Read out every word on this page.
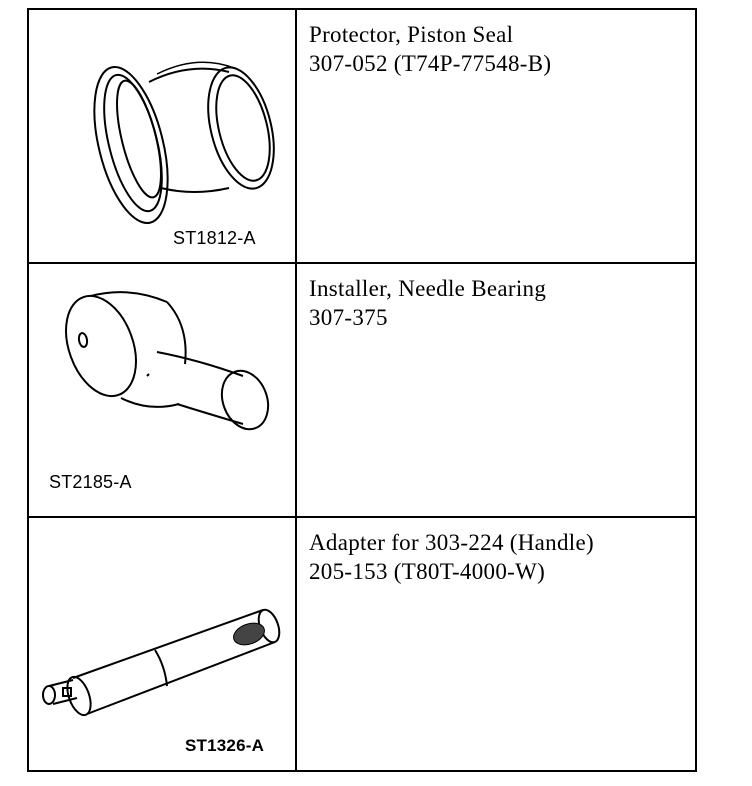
ST1812-A	Protector, Piston Seal
307-052 (T74P-77548-B)

ST2185-A	Installer, Needle Bearing
307-375

ST1326-A	Adapter for 303-224 (Handle)
205-153 (T80T-4000-W)
